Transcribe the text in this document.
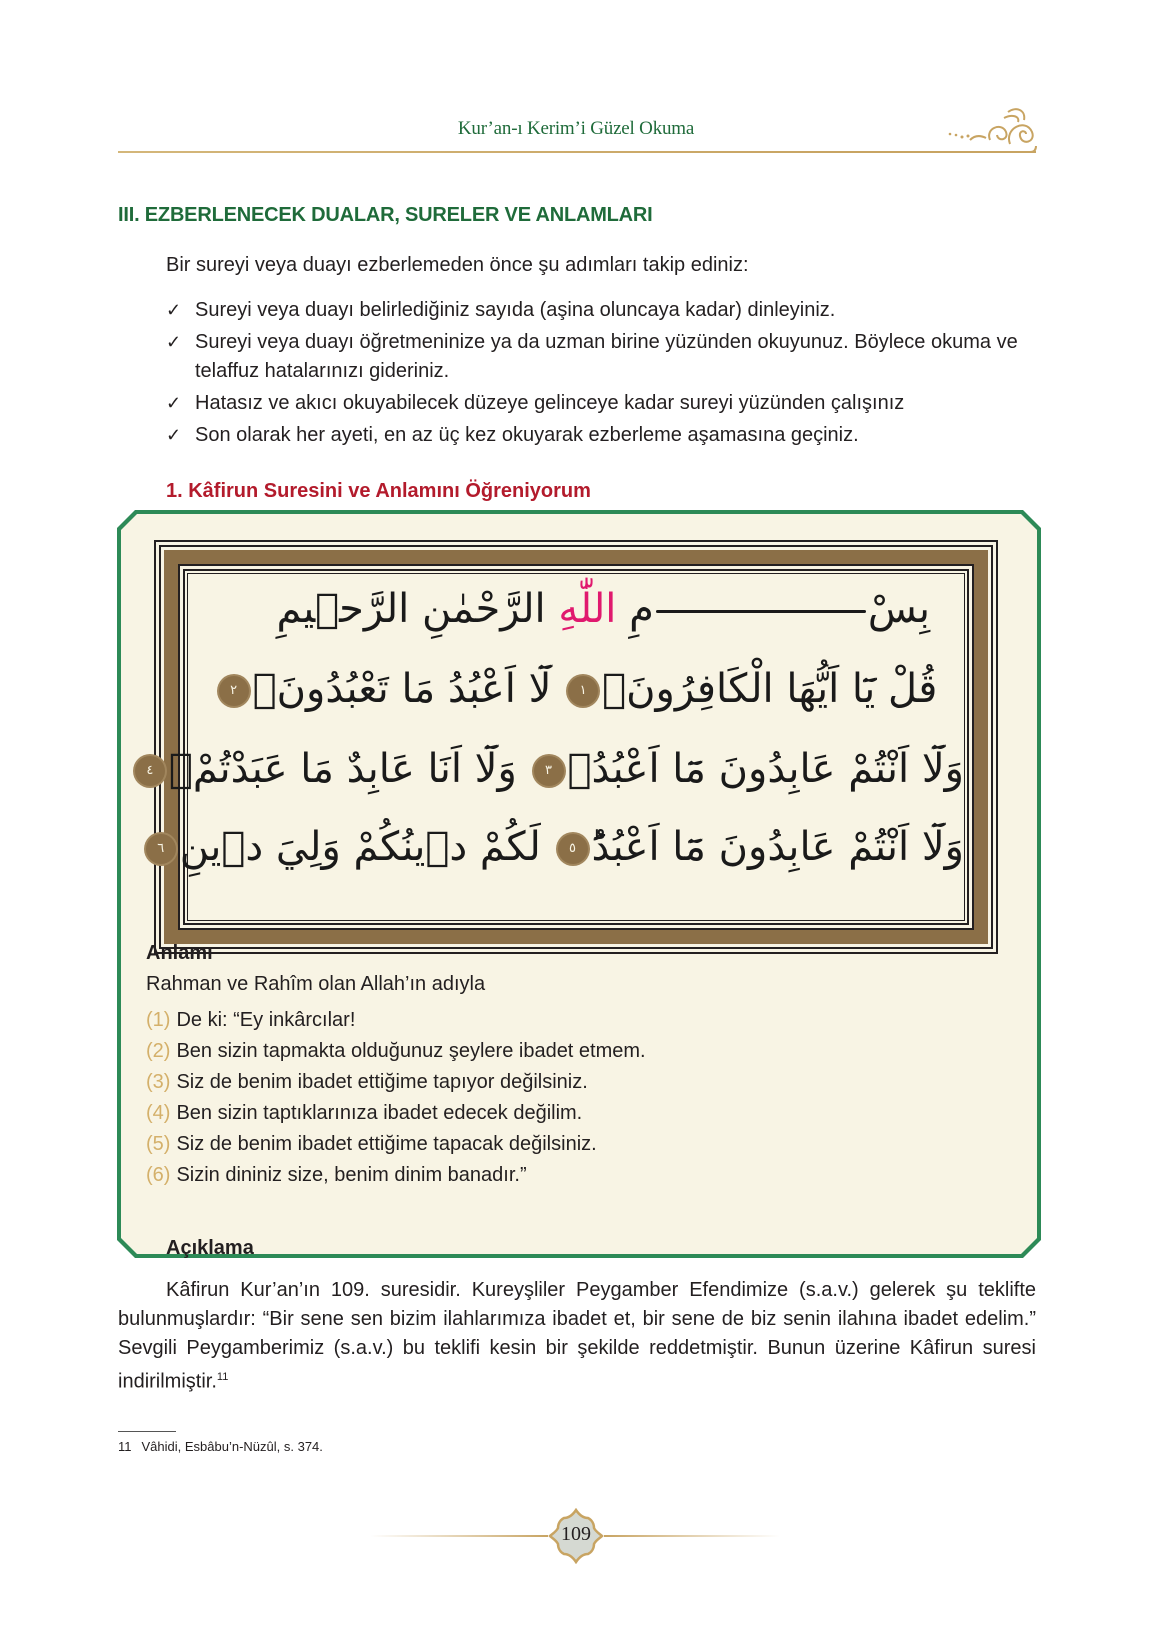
Kur’an-ı Kerim’i Güzel Okuma
III. EZBERLENECEK DUALAR, SURELER VE ANLAMLARI

Bir sureyi veya duayı ezberlemeden önce şu adımları takip ediniz:

✓ Sureyi veya duayı belirlediğiniz sayıda (aşina oluncaya kadar) dinleyiniz.
✓ Sureyi veya duayı öğretmeninize ya da uzman birine yüzünden okuyunuz. Böylece okuma ve telaffuz hatalarınızı gideriniz.
✓ Hatasız ve akıcı okuyabilecek düzeye gelinceye kadar sureyi yüzünden çalışınız
✓ Son olarak her ayeti, en az üç kez okuyarak ezberleme aşamasına geçiniz.
1. Kâfirun Suresini ve Anlamını Öğreniyorum
بِسْمِ اللّٰهِ الرَّحْمٰنِ الرَّح۪يمِ
قُلْ يَٓا اَيُّهَا الْكَافِرُونَۙ١ لَٓا اَعْبُدُ مَا تَعْبُدُونَۙ٢
وَلَٓا اَنْتُمْ عَابِدُونَ مَٓا اَعْبُدُۚ٣ وَلَٓا اَنَا عَابِدٌ مَا عَبَدْتُمْۙ٤
وَلَٓا اَنْتُمْ عَابِدُونَ مَٓا اَعْبُدُؕ٥ لَكُمْ د۪ينُكُمْ وَلِيَ د۪ينِ٦
Anlamı

Rahman ve Rahîm olan Allah’ın adıyla

(1) De ki: “Ey inkârcılar!
(2) Ben sizin tapmakta olduğunuz şeylere ibadet etmem.
(3) Siz de benim ibadet ettiğime tapıyor değilsiniz.
(4) Ben sizin taptıklarınıza ibadet edecek değilim.
(5) Siz de benim ibadet ettiğime tapacak değilsiniz.
(6) Sizin dininiz size, benim dinim banadır.”
Açıklama

Kâfirun Kur’an’ın 109. suresidir. Kureyşliler Peygamber Efendimize (s.a.v.) gelerek şu teklifte bulunmuşlardır: “Bir sene sen bizim ilahlarımıza ibadet et, bir sene de biz senin ilahına ibadet edelim.” Sevgili Peygamberimiz (s.a.v.) bu teklifi kesin bir şekilde reddetmiştir. Bunun üzerine Kâfirun suresi indirilmiştir.$^{11}$

11 Vâhidi, Esbâbu’n-Nüzûl, s. 374.

109
